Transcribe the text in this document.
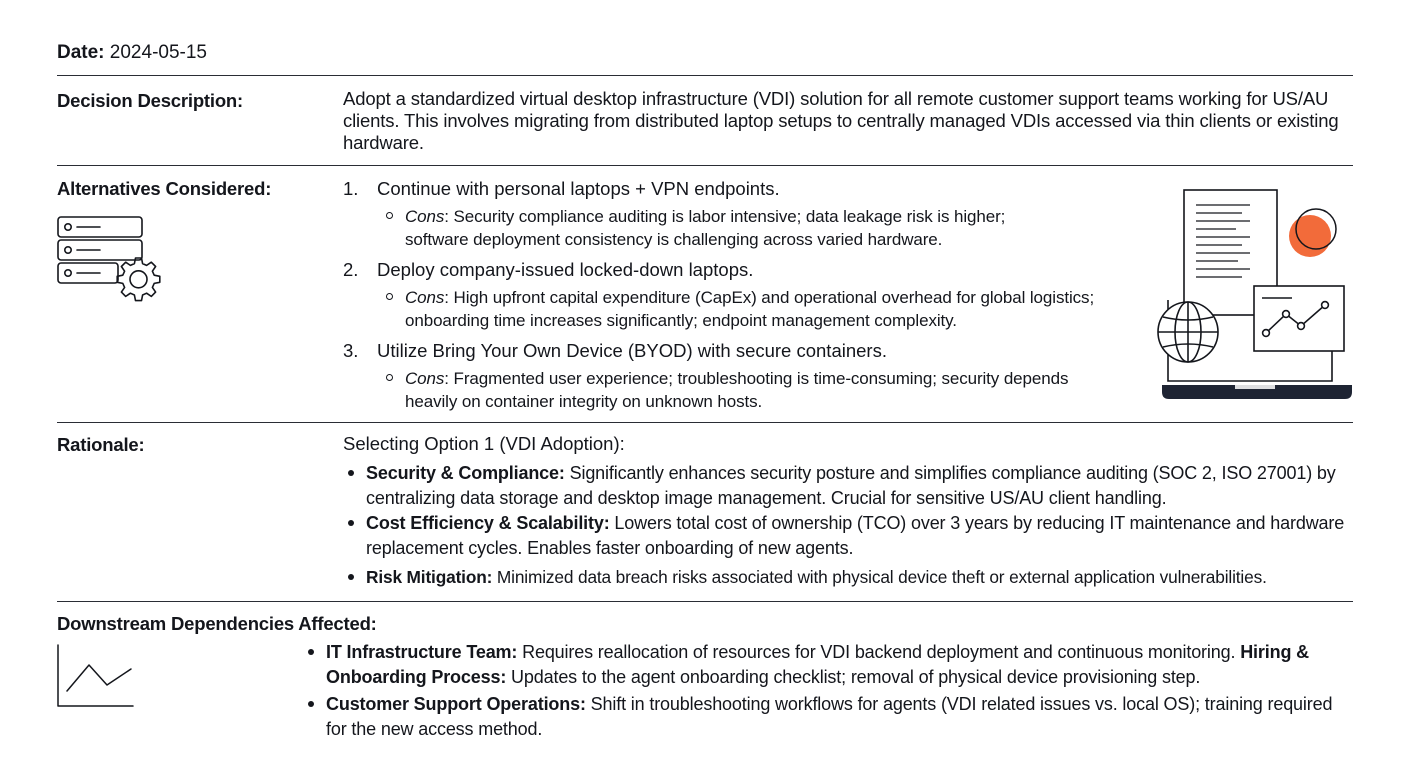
Date: 2024-05-15
Decision Description:	Adopt a standardized virtual desktop infrastructure (VDI) solution for all remote customer support teams working for US/AU clients. This involves migrating from distributed laptop setups to centrally managed VDIs accessed via thin clients or existing hardware.
Alternatives Considered:	1. Continue with personal laptops + VPN endpoints.
Cons: Security compliance auditing is labor intensive; data leakage risk is higher; software deployment consistency is challenging across varied hardware.
2. Deploy company-issued locked-down laptops.
Cons: High upfront capital expenditure (CapEx) and operational overhead for global logistics; onboarding time increases significantly; endpoint management complexity.
3. Utilize Bring Your Own Device (BYOD) with secure containers.
Cons: Fragmented user experience; troubleshooting is time-consuming; security depends heavily on container integrity on unknown hosts.
Rationale:	Selecting Option 1 (VDI Adoption):
Security & Compliance: Significantly enhances security posture and simplifies compliance auditing (SOC 2, ISO 27001) by centralizing data storage and desktop image management. Crucial for sensitive US/AU client handling.
Cost Efficiency & Scalability: Lowers total cost of ownership (TCO) over 3 years by reducing IT maintenance and hardware replacement cycles. Enables faster onboarding of new agents.
Risk Mitigation: Minimized data breach risks associated with physical device theft or external application vulnerabilities.
Downstream Dependencies Affected:
IT Infrastructure Team: Requires reallocation of resources for VDI backend deployment and continuous monitoring. Hiring & Onboarding Process: Updates to the agent onboarding checklist; removal of physical device provisioning step.
Customer Support Operations: Shift in troubleshooting workflows for agents (VDI related issues vs. local OS); training required for the new access method.
